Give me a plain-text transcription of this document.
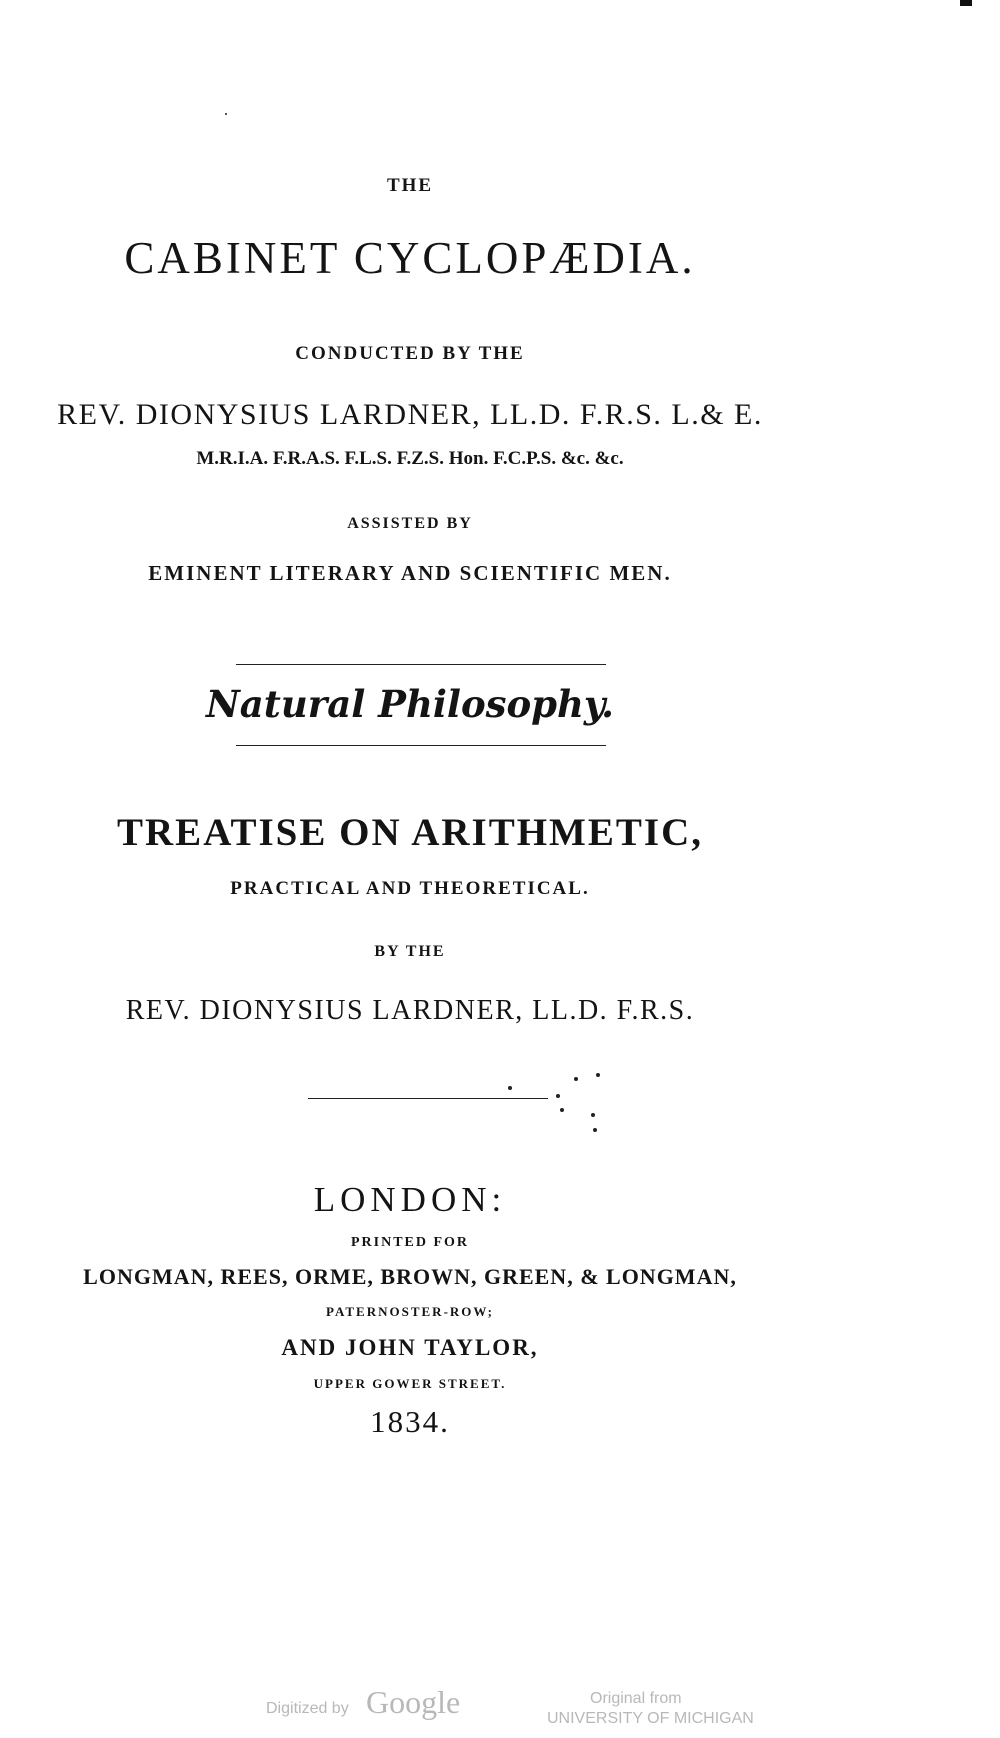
THE
CABINET CYCLOPÆDIA.
CONDUCTED BY THE
REV. DIONYSIUS LARDNER, LL.D. F.R.S. L.& E.
M.R.I.A. F.R.A.S. F.L.S. F.Z.S. Hon. F.C.P.S. &c. &c.
ASSISTED BY
EMINENT LITERARY AND SCIENTIFIC MEN.
Natural Philosophy.
TREATISE ON ARITHMETIC,
PRACTICAL AND THEORETICAL.
BY THE
REV. DIONYSIUS LARDNER, LL.D. F.R.S.
LONDON:
PRINTED FOR
LONGMAN, REES, ORME, BROWN, GREEN, & LONGMAN,
PATERNOSTER-ROW;
AND JOHN TAYLOR,
UPPER GOWER STREET.
1834.
Digitized by Google	Original from
UNIVERSITY OF MICHIGAN
